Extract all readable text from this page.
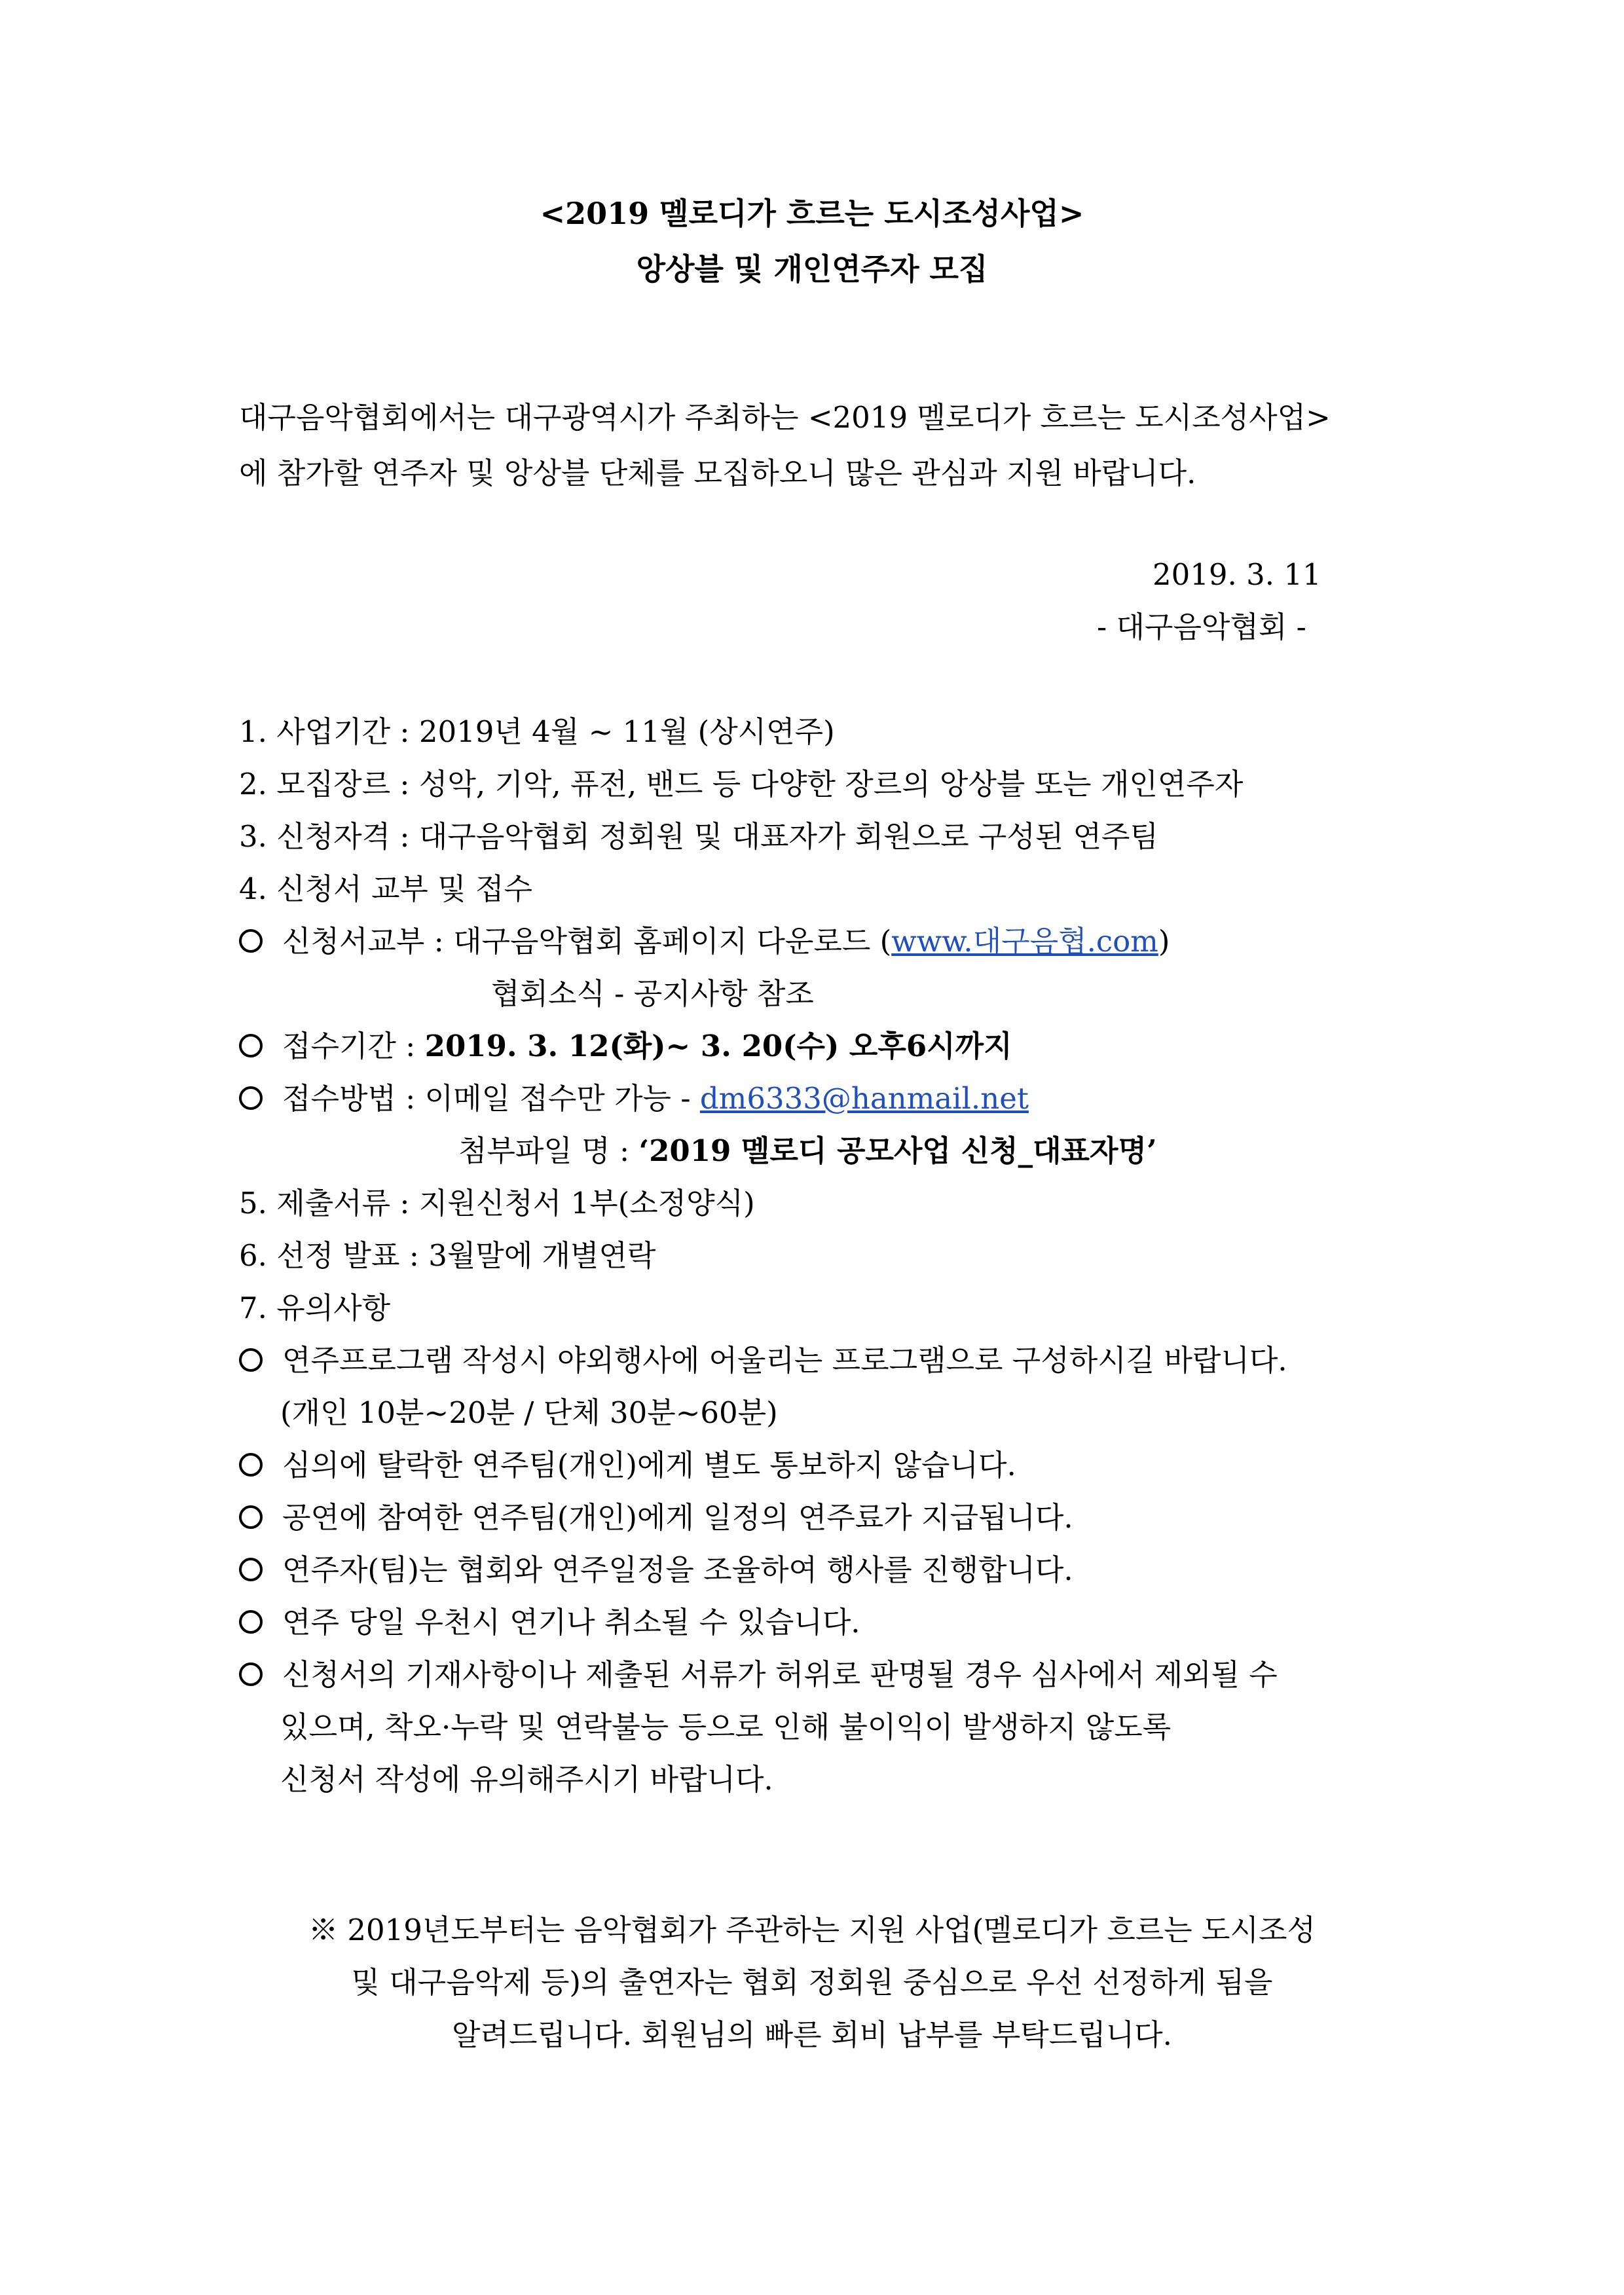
<2019 멜로디가 흐르는 도시조성사업>
앙상블 및 개인연주자 모집
대구음악협회에서는 대구광역시가 주최하는 <2019 멜로디가 흐르는 도시조성사업>
에 참가할 연주자 및 앙상블 단체를 모집하오니 많은 관심과 지원 바랍니다.
2019. 3. 11
- 대구음악협회 -
1. 사업기간 : 2019년 4월 ~ 11월 (상시연주)
2. 모집장르 : 성악, 기악, 퓨전, 밴드 등 다양한 장르의 앙상블 또는 개인연주자
3. 신청자격 : 대구음악협회 정회원 및 대표자가 회원으로 구성된 연주팀
4. 신청서 교부 및 접수
신청서교부 : 대구음악협회 홈페이지 다운로드 (www.대구음협.com)
협회소식 - 공지사항 참조
접수기간 : 2019. 3. 12(화)~ 3. 20(수) 오후6시까지
접수방법 : 이메일 접수만 가능 - dm6333@hanmail.net
첨부파일 명 : ‘2019 멜로디 공모사업 신청_대표자명’
5. 제출서류 : 지원신청서 1부(소정양식)
6. 선정 발표 : 3월말에 개별연락
7. 유의사항
연주프로그램 작성시 야외행사에 어울리는 프로그램으로 구성하시길 바랍니다.
(개인 10분~20분 / 단체 30분~60분)
심의에 탈락한 연주팀(개인)에게 별도 통보하지 않습니다.
공연에 참여한 연주팀(개인)에게 일정의 연주료가 지급됩니다.
연주자(팀)는 협회와 연주일정을 조율하여 행사를 진행합니다.
연주 당일 우천시 연기나 취소될 수 있습니다.
신청서의 기재사항이나 제출된 서류가 허위로 판명될 경우 심사에서 제외될 수
있으며, 착오·누락 및 연락불능 등으로 인해 불이익이 발생하지 않도록
신청서 작성에 유의해주시기 바랍니다.
※ 2019년도부터는 음악협회가 주관하는 지원 사업(멜로디가 흐르는 도시조성
및 대구음악제 등)의 출연자는 협회 정회원 중심으로 우선 선정하게 됨을
알려드립니다. 회원님의 빠른 회비 납부를 부탁드립니다.
